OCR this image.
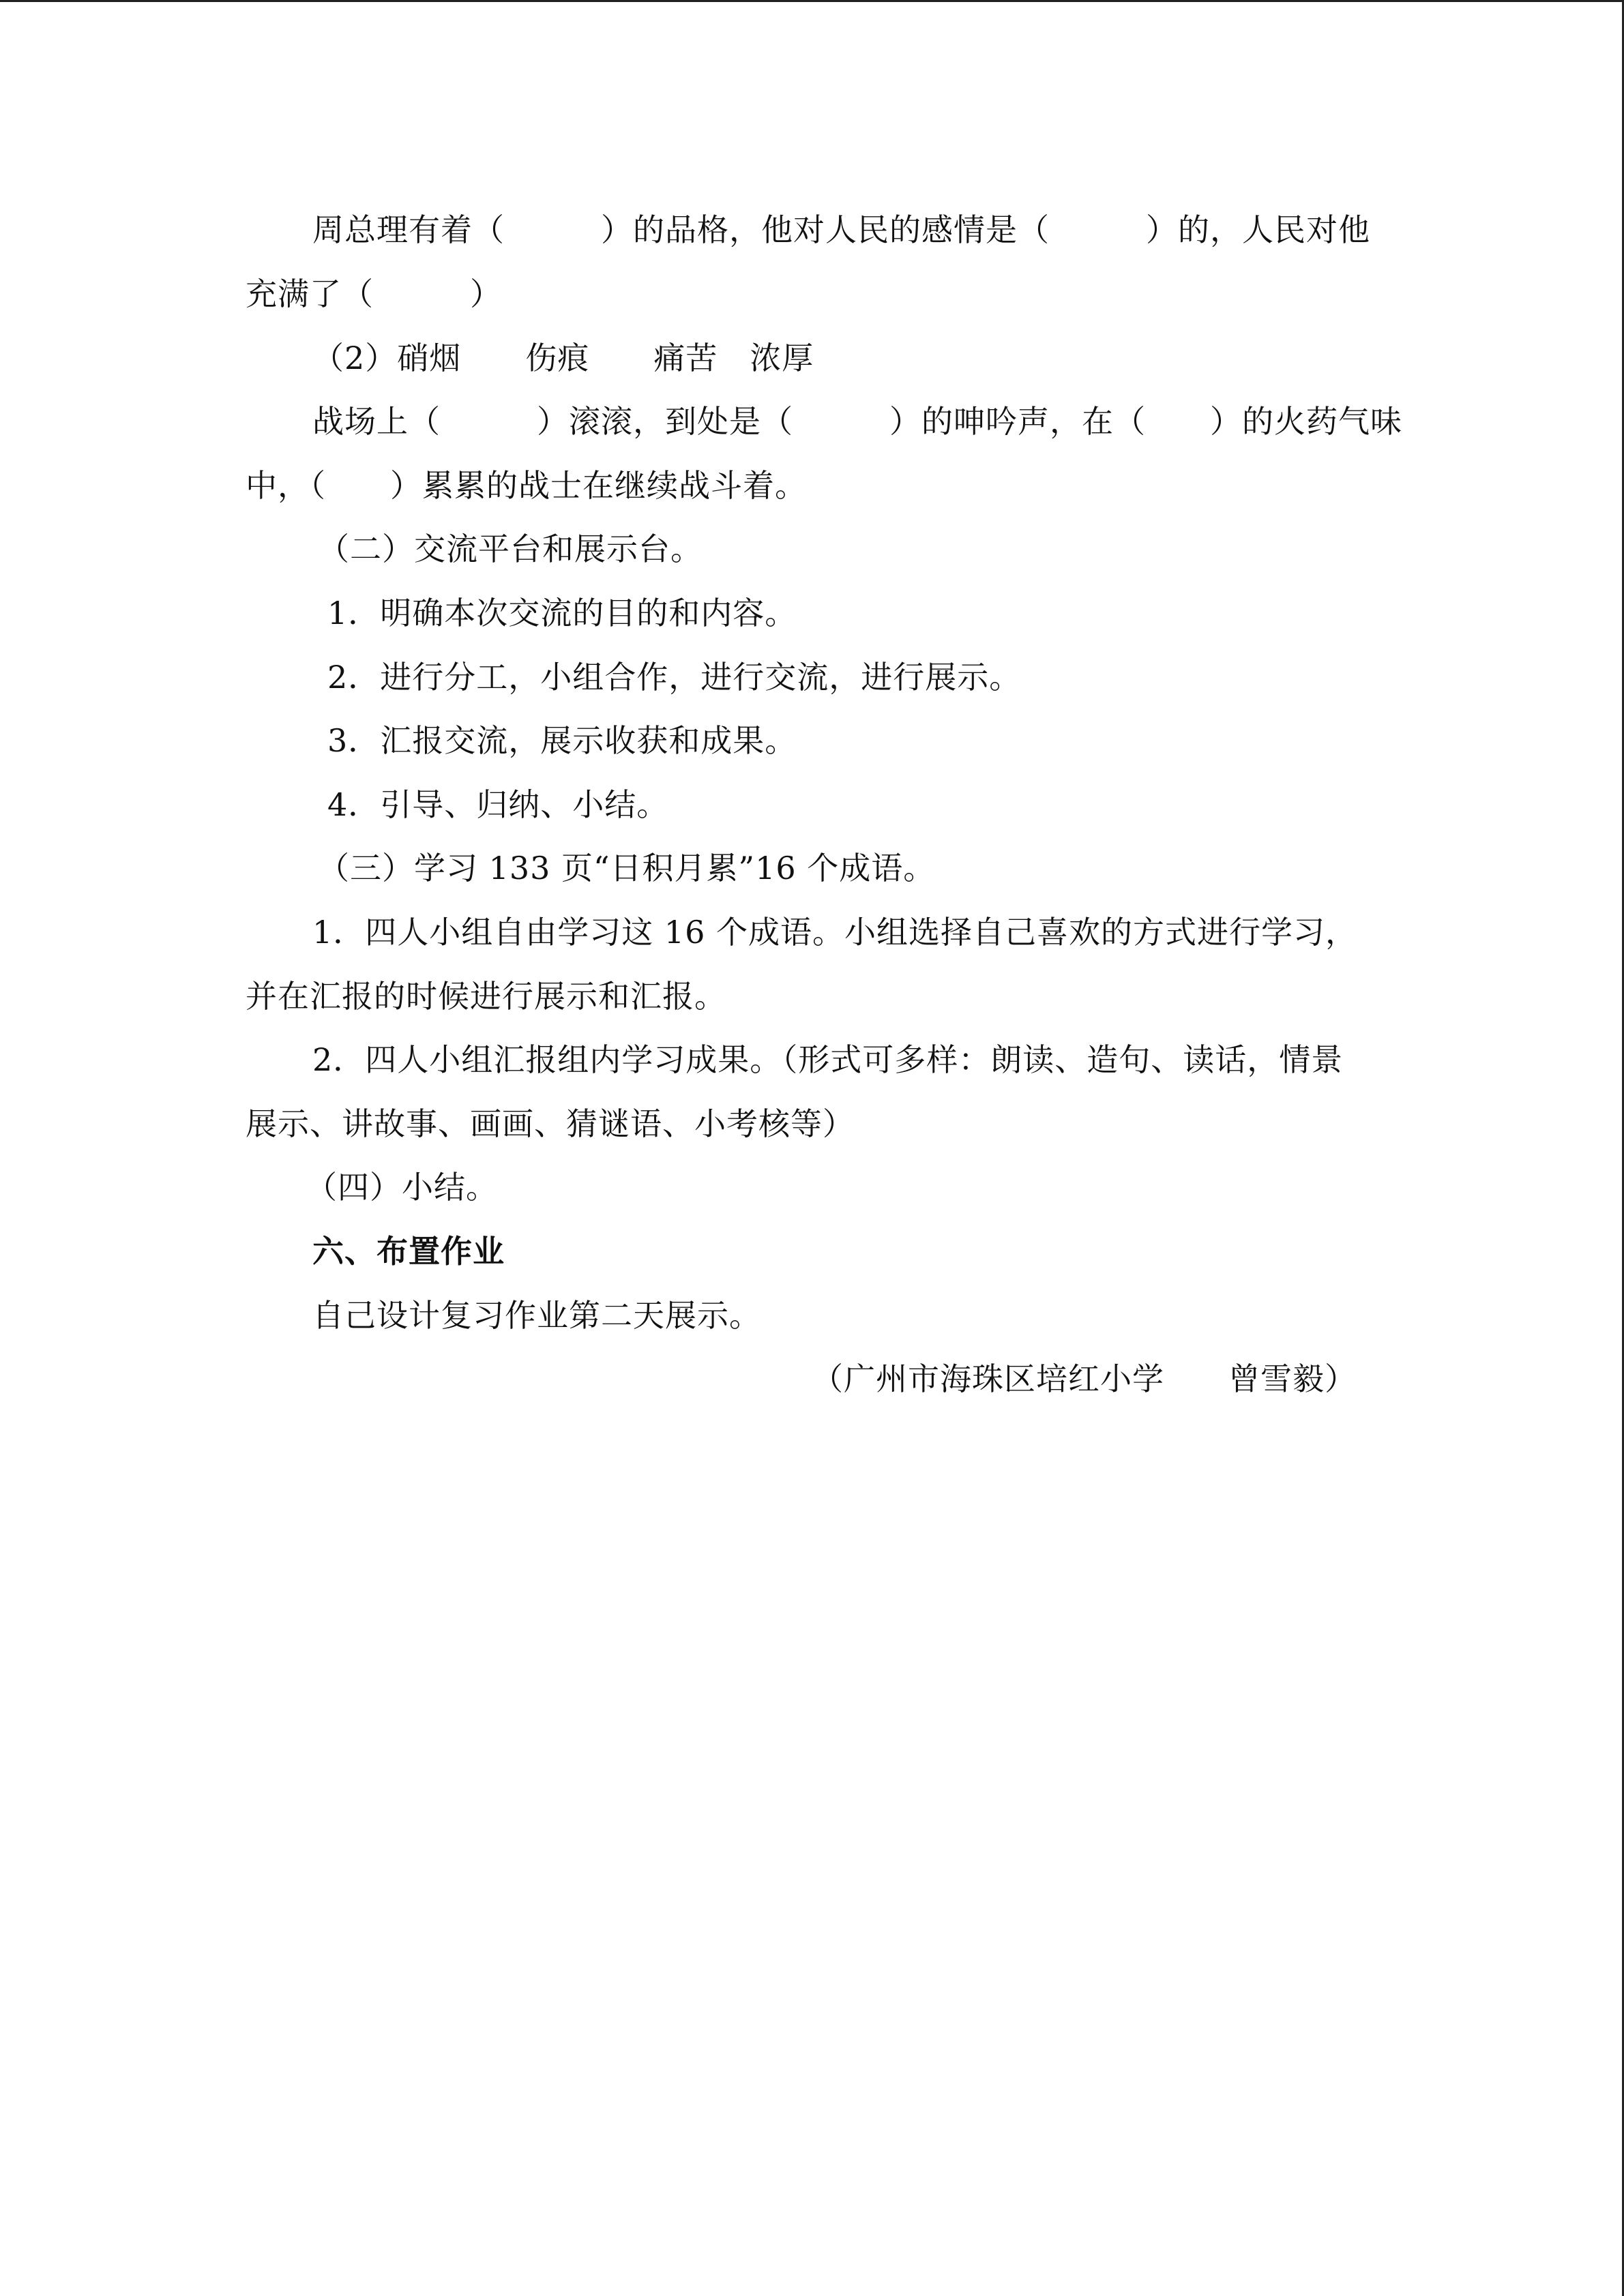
周总理有着（　　　）的品格，他对人民的感情是（　　　）的，人民对他
充满了（　　　）
（2）硝烟　　伤痕　　痛苦　浓厚
战场上（　　　）滚滚，到处是（　　　）的呻吟声，在（　　）的火药气味
中，（　　）累累的战士在继续战斗着。
（二）交流平台和展示台。
1．明确本次交流的目的和内容。
2．进行分工，小组合作，进行交流，进行展示。
3．汇报交流，展示收获和成果。
4．引导、归纳、小结。
（三）学习 133 页“日积月累”16 个成语。
1．四人小组自由学习这 16 个成语。小组选择自己喜欢的方式进行学习，
并在汇报的时候进行展示和汇报。
2．四人小组汇报组内学习成果。（形式可多样：朗读、造句、读话，情景
展示、讲故事、画画、猜谜语、小考核等）
（四）小结。
六、布置作业
自己设计复习作业第二天展示。
（广州市海珠区培红小学　　曾雪毅）
